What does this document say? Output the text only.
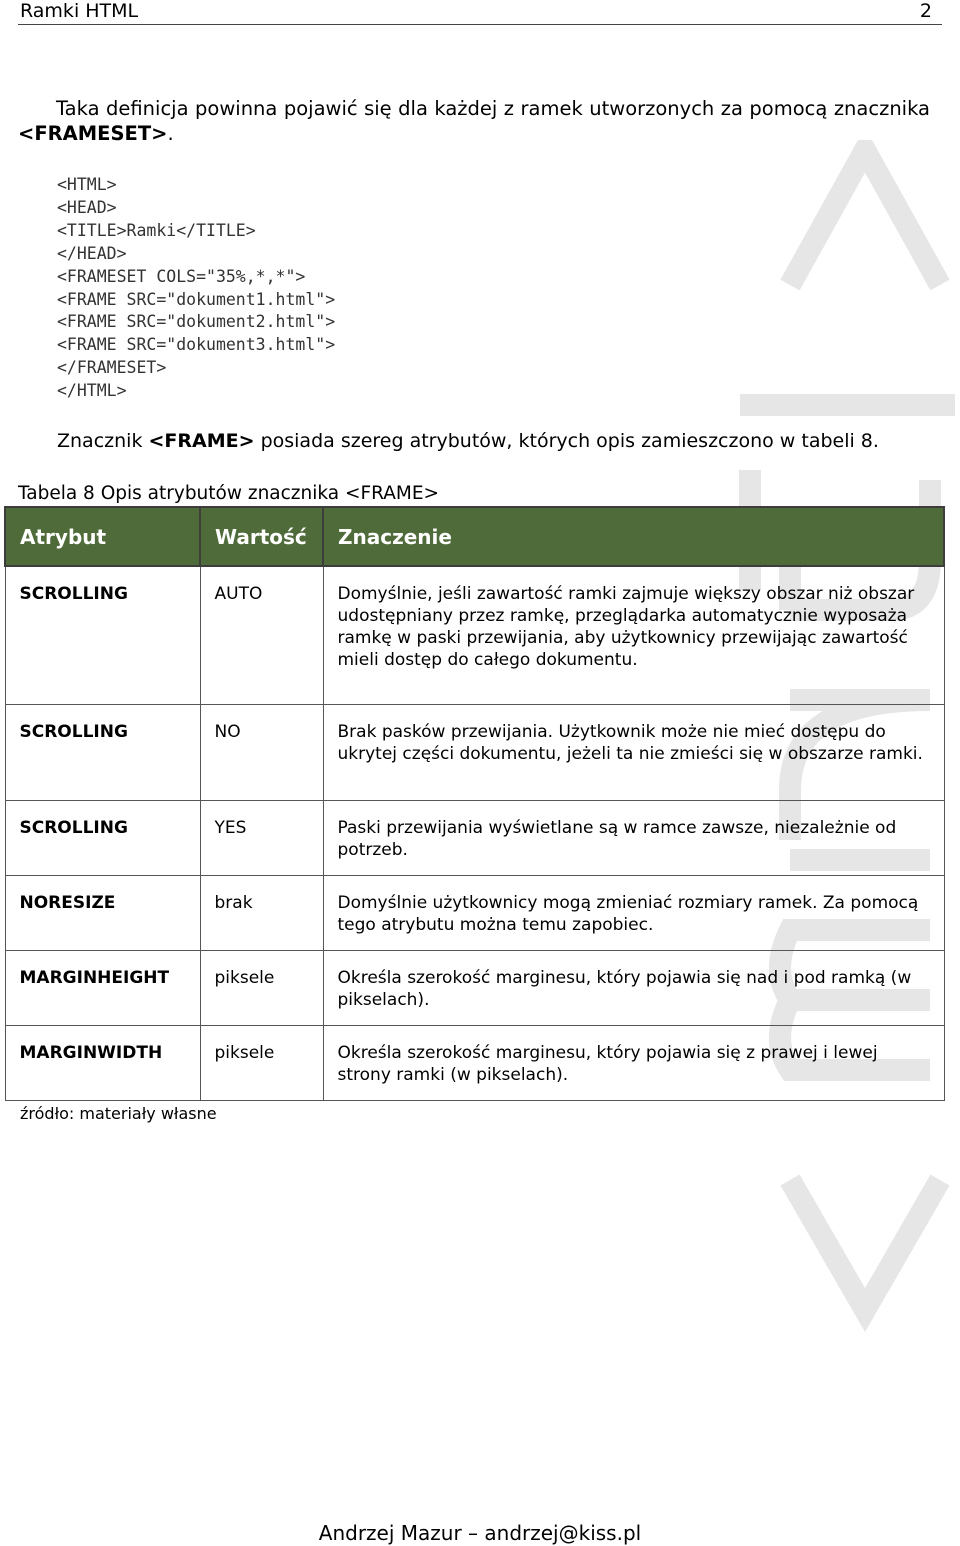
Ramki HTML	2
Taka definicja powinna pojawić się dla każdej z ramek utworzonych za pomocą znacznika <FRAMESET>.
<HTML>
<HEAD>
<TITLE>Ramki</TITLE>
</HEAD>
<FRAMESET COLS="35%,*,*">
<FRAME SRC="dokument1.html">
<FRAME SRC="dokument2.html">
<FRAME SRC="dokument3.html">
</FRAMESET>
</HTML>
Znacznik <FRAME> posiada szereg atrybutów, których opis zamieszczono w tabeli 8.
Tabela 8 Opis atrybutów znacznika <FRAME>
Atrybut	Wartość	Znaczenie
SCROLLING	AUTO	Domyślnie, jeśli zawartość ramki zajmuje większy obszar niż obszar udostępniany przez ramkę, przeglądarka automatycznie wyposaża ramkę w paski przewijania, aby użytkownicy przewijając zawartość mieli dostęp do całego dokumentu.
SCROLLING	NO	Brak pasków przewijania. Użytkownik może nie mieć dostępu do ukrytej części dokumentu, jeżeli ta nie zmieści się w obszarze ramki.
SCROLLING	YES	Paski przewijania wyświetlane są w ramce zawsze, niezależnie od potrzeb.
NORESIZE	brak	Domyślnie użytkownicy mogą zmieniać rozmiary ramek. Za pomocą tego atrybutu można temu zapobiec.
MARGINHEIGHT	piksele	Określa szerokość marginesu, który pojawia się nad i pod ramką (w pikselach).
MARGINWIDTH	piksele	Określa szerokość marginesu, który pojawia się z prawej i lewej strony ramki (w pikselach).
źródło: materiały własne
Andrzej Mazur – andrzej@kiss.pl
